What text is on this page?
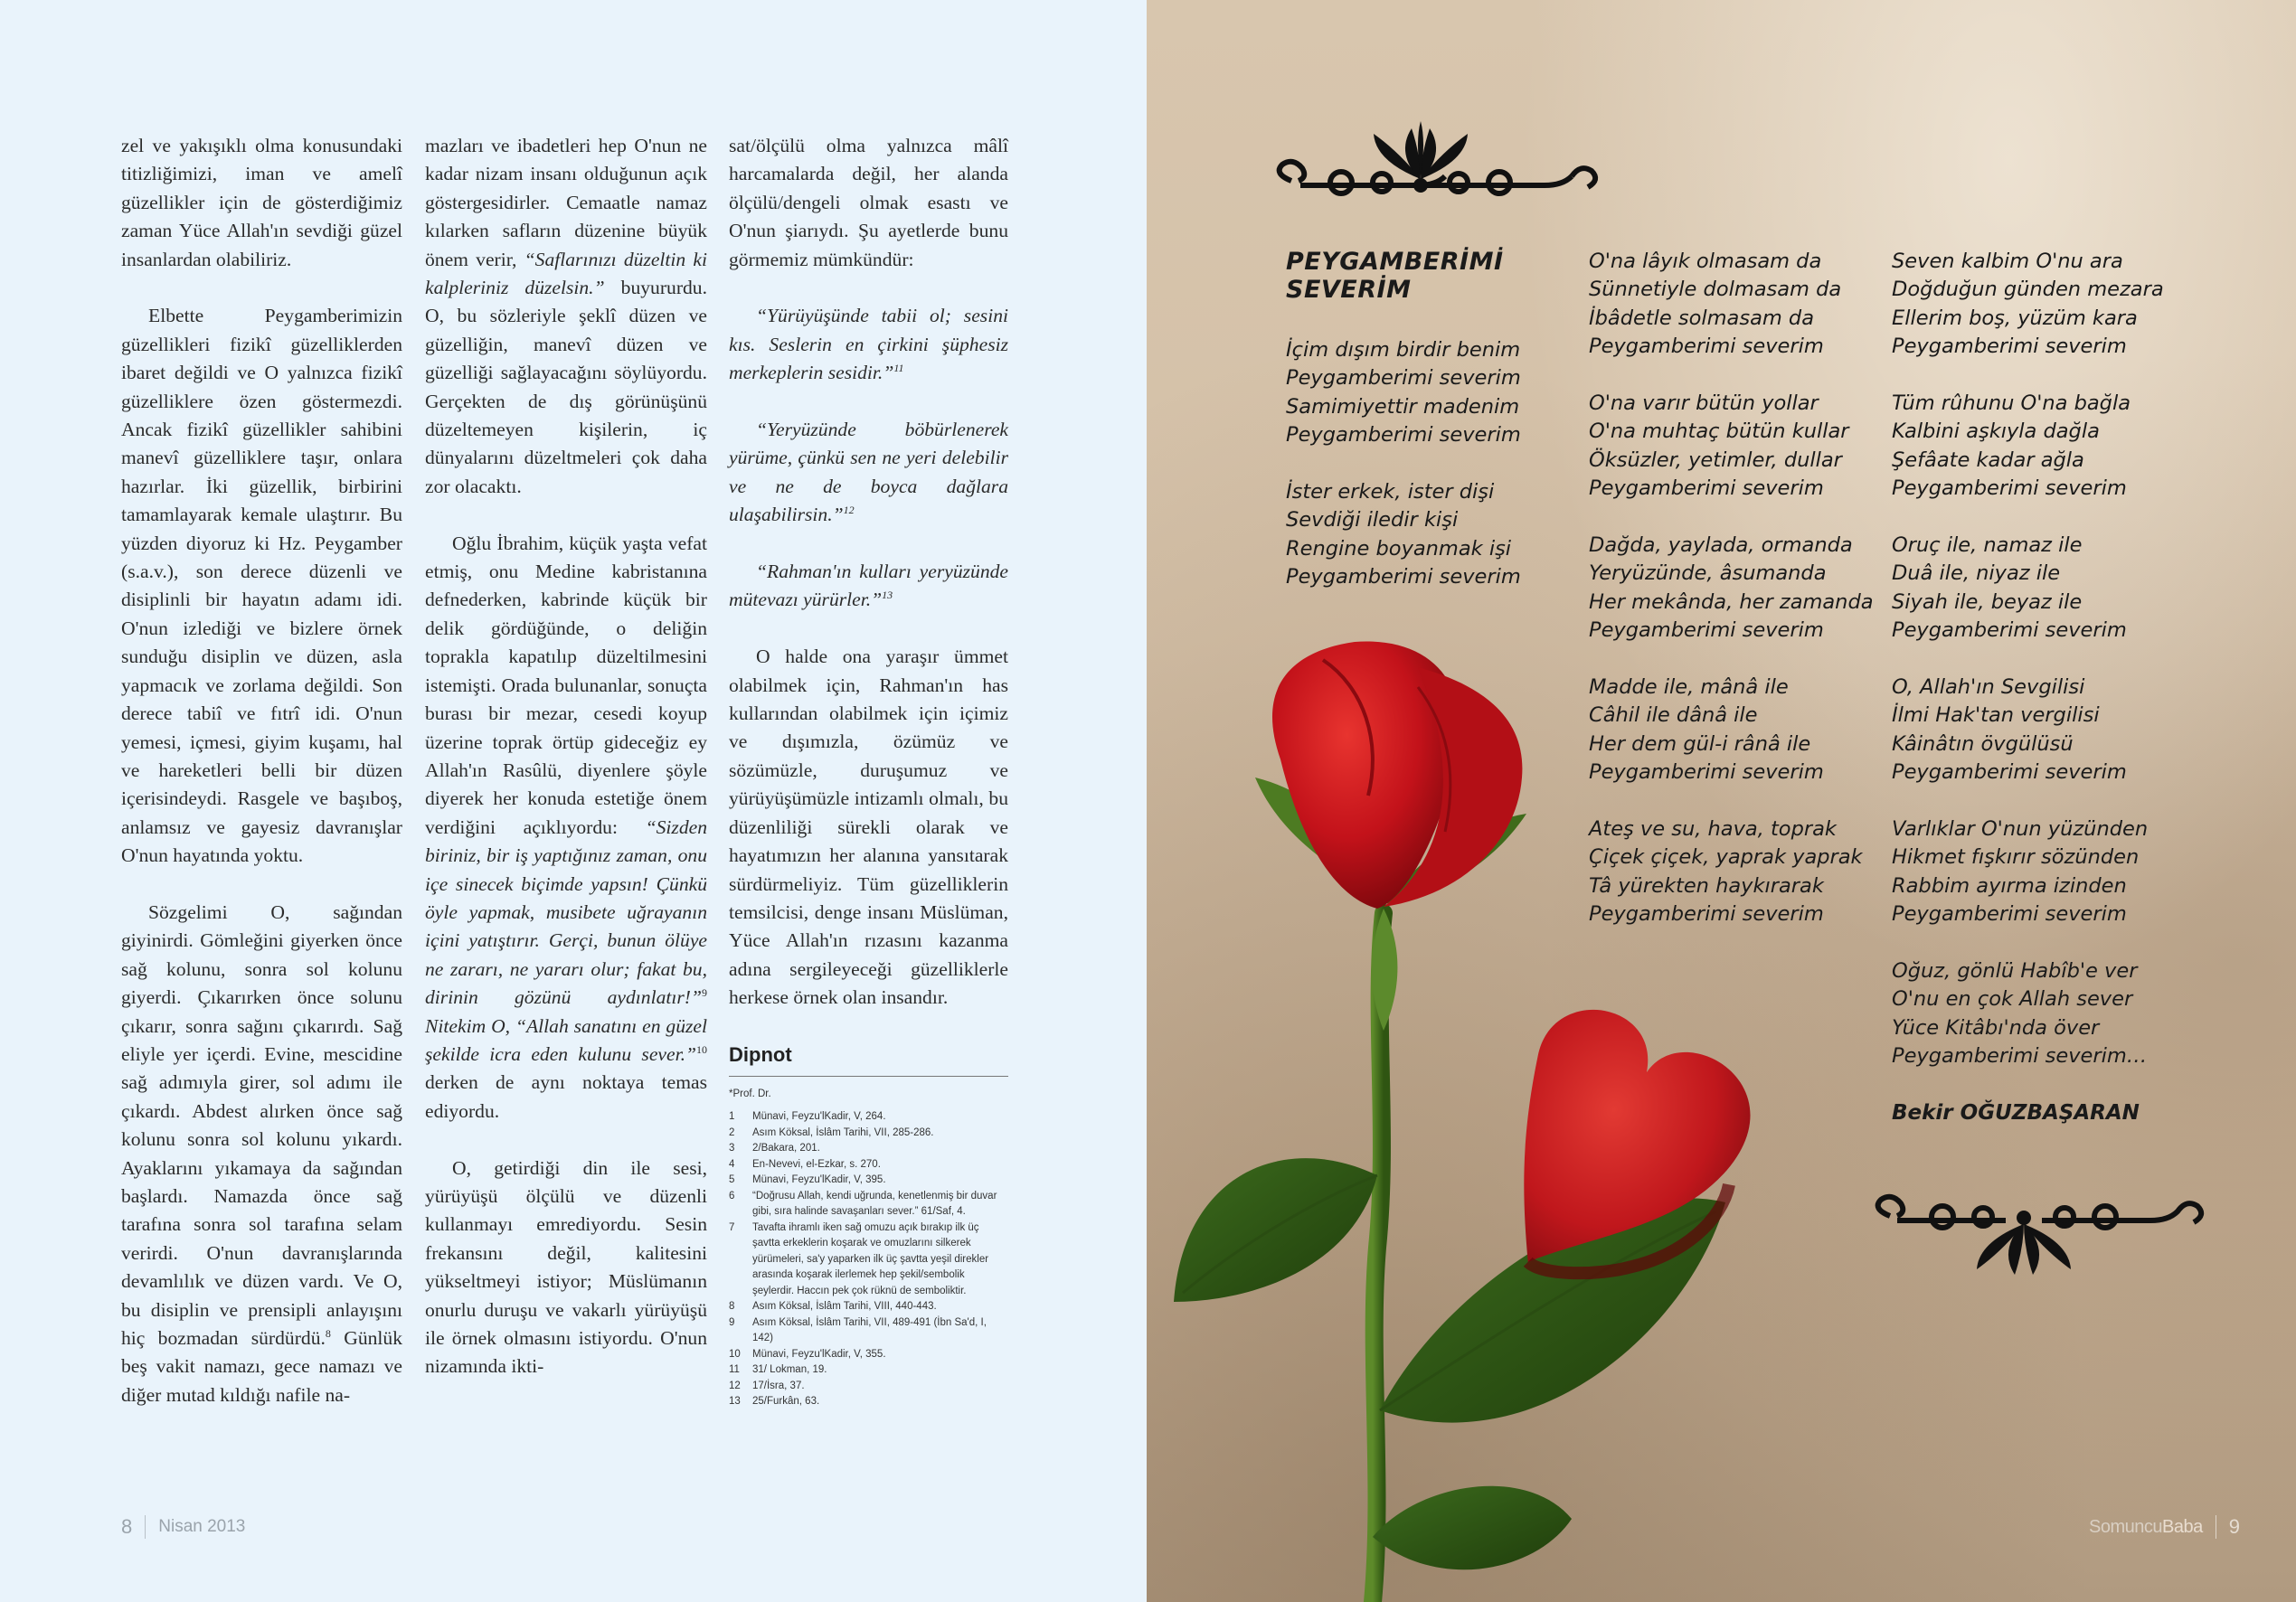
zel ve yakışıklı olma konusundaki titizliğimizi, iman ve amelî güzellikler için de gösterdiğimiz zaman Yüce Allah'ın sevdiği güzel insanlardan olabiliriz.

Elbette Peygamberimizin güzellikleri fizikî güzelliklerden ibaret değildi ve O yalnızca fizikî güzelliklere özen göstermezdi. Ancak fizikî güzellikler sahibini manevî güzelliklere taşır, onlara hazırlar. İki güzellik, birbirini tamamlayarak kemale ulaştırır. Bu yüzden diyoruz ki Hz. Peygamber (s.a.v.), son derece düzenli ve disiplinli bir hayatın adamı idi. O'nun izlediği ve bizlere örnek sunduğu disiplin ve düzen, asla yapmacık ve zorlama değildi. Son derece tabiî ve fıtrî idi. O'nun yemesi, içmesi, giyim kuşamı, hal ve hareketleri belli bir düzen içerisindeydi. Rasgele ve başıboş, anlamsız ve gayesiz davranışlar O'nun hayatında yoktu.

Sözgelimi O, sağından giyinirdi. Gömleğini giyerken önce sağ kolunu, sonra sol kolunu giyerdi. Çıkarırken önce solunu çıkarır, sonra sağını çıkarırdı. Sağ eliyle yer içerdi. Evine, mescidine sağ adımıyla girer, sol adımı ile çıkardı. Abdest alırken önce sağ kolunu sonra sol kolunu yıkardı. Ayaklarını yıkamaya da sağından başlardı. Namazda önce sağ tarafına sonra sol tarafına selam verirdi. O'nun davranışlarında devamlılık ve düzen vardı. Ve O, bu disiplin ve prensipli anlayışını hiç bozmadan sürdürdü.$^8$ Günlük beş vakit namazı, gece namazı ve diğer mutad kıldığı nafile na-

mazları ve ibadetleri hep O'nun ne kadar nizam insanı olduğunun açık göstergesidirler. Cemaatle namaz kılarken safların düzenine büyük önem verir, “Saflarınızı düzeltin ki kalpleriniz düzelsin.” buyururdu. O, bu sözleriyle şeklî düzen ve güzelliğin, manevî düzen ve güzelliği sağlayacağını söylüyordu. Gerçekten de dış görünüşünü düzeltemeyen kişilerin, iç dünyalarını düzeltmeleri çok daha zor olacaktı.

Oğlu İbrahim, küçük yaşta vefat etmiş, onu Medine kabristanına defnederken, kabrinde küçük bir delik gördüğünde, o deliğin toprakla kapatılıp düzeltilmesini istemişti. Orada bulunanlar, sonuçta burası bir mezar, cesedi koyup üzerine toprak örtüp gideceğiz ey Allah'ın Rasûlü, diyenlere şöyle diyerek her konuda estetiğe önem verdiğini açıklıyordu: “Sizden biriniz, bir iş yaptığınız zaman, onu içe sinecek biçimde yapsın! Çünkü öyle yapmak, musibete uğrayanın içini yatıştırır. Gerçi, bunun ölüye ne zararı, ne yararı olur; fakat bu, dirinin gözünü aydınlatır!”$^9$ Nitekim O, “Allah sanatını en güzel şekilde icra eden kulunu sever.”$^{10}$ derken de aynı noktaya temas ediyordu.

O, getirdiği din ile sesi, yürüyüşü ölçülü ve düzenli kullanmayı emrediyordu. Sesin frekansını değil, kalitesini yükseltmeyi istiyor; Müslümanın onurlu duruşu ve vakarlı yürüyüşü ile örnek olmasını istiyordu. O'nun nizamında ikti-

sat/ölçülü olma yalnızca mâlî harcamalarda değil, her alanda ölçülü/dengeli olmak esastı ve O'nun şiarıydı. Şu ayetlerde bunu görmemiz mümkündür:

“Yürüyüşünde tabii ol; sesini kıs. Seslerin en çirkini şüphesiz merkeplerin sesidir.”$^{11}$

“Yeryüzünde böbürlenerek yürüme, çünkü sen ne yeri delebilir ve ne de boyca dağlara ulaşabilirsin.”$^{12}$

“Rahman'ın kulları yeryüzünde mütevazı yürürler.”$^{13}$

O halde ona yaraşır ümmet olabilmek için, Rahman'ın has kullarından olabilmek için içimiz ve dışımızla, özümüz ve sözümüzle, duruşumuz ve yürüyüşümüzle intizamlı olmalı, bu düzenliliği sürekli olarak ve hayatımızın her alanına yansıtarak sürdürmeliyiz. Tüm güzelliklerin temsilcisi, denge insanı Müslüman, Yüce Allah'ın rızasını kazanma adına sergileyeceği güzelliklerle herkese örnek olan insandır.

Dipnot
*Prof. Dr.
1	Münavi, Feyzu'lKadir, V, 264.
2	Asım Köksal, İslâm Tarihi, VII, 285-286.
3	2/Bakara, 201.
4	En-Nevevi, el-Ezkar, s. 270.
5	Münavi, Feyzu'lKadir, V, 395.
6	“Doğrusu Allah, kendi uğrunda, kenetlenmiş bir duvar gibi, sıra halinde savaşanları sever.” 61/Saf, 4.
7	Tavafta ihramlı iken sağ omuzu açık bırakıp ilk üç şavtta erkeklerin koşarak ve omuzlarını silkerek yürümeleri, sa'y yaparken ilk üç şavtta yeşil direkler arasında koşarak ilerlemek hep şekil/sembolik şeylerdir. Haccın pek çok rüknü de semboliktir.
8	Asım Köksal, İslâm Tarihi, VIII, 440-443.
9	Asım Köksal, İslâm Tarihi, VII, 489-491 (İbn Sa'd, I, 142)
10	Münavi, Feyzu'lKadir, V, 355.
11	31/ Lokman, 19.
12	17/İsra, 37.
13	25/Furkân, 63.
8 Nisan 2013
PEYGAMBERİMİ
SEVERİM
İçim dışım birdir benim
Peygamberimi severim
Samimiyettir madenim
Peygamberimi severim
İster erkek, ister dişi
Sevdiği iledir kişi
Rengine boyanmak işi
Peygamberimi severim
O'na lâyık olmasam da
Sünnetiyle dolmasam da
İbâdetle solmasam da
Peygamberimi severim
O'na varır bütün yollar
O'na muhtaç bütün kullar
Öksüzler, yetimler, dullar
Peygamberimi severim
Dağda, yaylada, ormanda
Yeryüzünde, âsumanda
Her mekânda, her zamanda
Peygamberimi severim
Madde ile, mânâ ile
Câhil ile dânâ ile
Her dem gül-i rânâ ile
Peygamberimi severim
Ateş ve su, hava, toprak
Çiçek çiçek, yaprak yaprak
Tâ yürekten haykırarak
Peygamberimi severim
Seven kalbim O'nu ara
Doğduğun günden mezara
Ellerim boş, yüzüm kara
Peygamberimi severim
Tüm rûhunu O'na bağla
Kalbini aşkıyla dağla
Şefâate kadar ağla
Peygamberimi severim
Oruç ile, namaz ile
Duâ ile, niyaz ile
Siyah ile, beyaz ile
Peygamberimi severim
O, Allah'ın Sevgilisi
İlmi Hak'tan vergilisi
Kâinâtın övgülüsü
Peygamberimi severim
Varlıklar O'nun yüzünden
Hikmet fışkırır sözünden
Rabbim ayırma izinden
Peygamberimi severim
Oğuz, gönlü Habîb'e ver
O'nu en çok Allah sever
Yüce Kitâbı'nda över
Peygamberimi severim…
Bekir OĞUZBAŞARAN
SomuncuBaba 9
